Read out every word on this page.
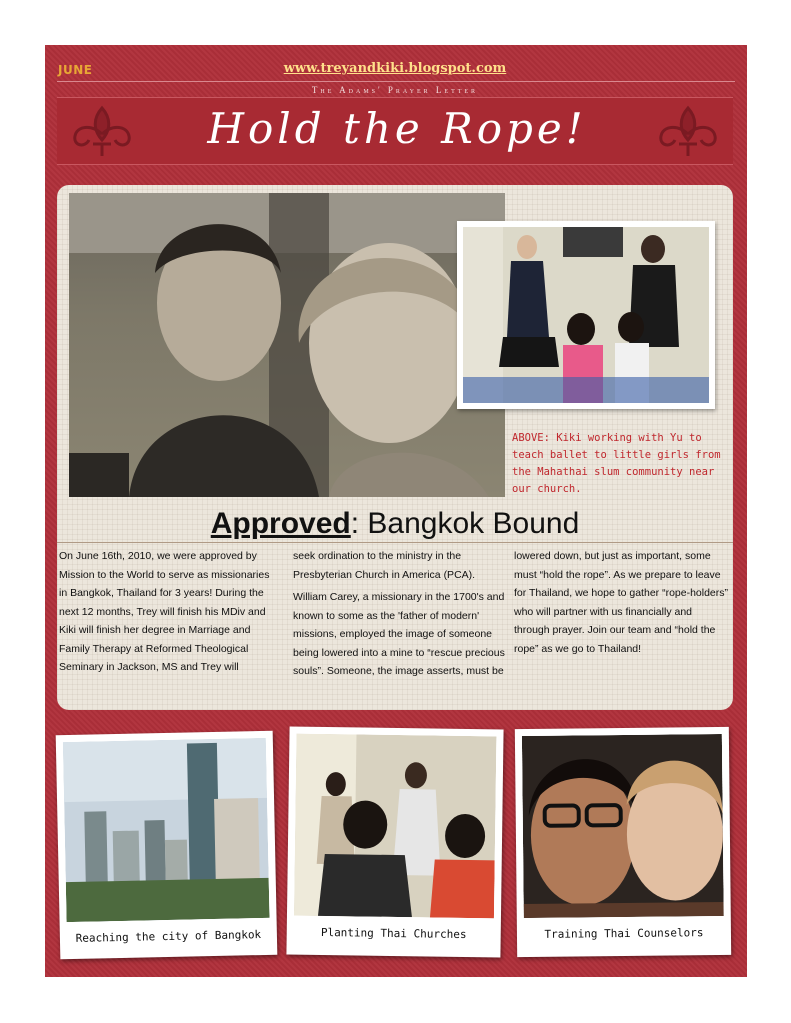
JUNE	www.treyandkiki.blogspot.com
The Adams' Prayer Letter
Hold the Rope!
ABOVE: Kiki working with Yu to teach ballet to little girls from the Mahathai slum community near our church.
Approved: Bangkok Bound

On June 16th, 2010, we were approved by Mission to the World to serve as missionaries in Bangkok, Thailand for 3 years! During the next 12 months, Trey will finish his MDiv and Kiki will finish her degree in Marriage and Family Therapy at Reformed Theological Seminary in Jackson, MS and Trey will

seek ordination to the ministry in the Presbyterian Church in America (PCA).

William Carey, a missionary in the 1700's and known to some as the 'father of modern' missions, employed the image of someone being lowered into a mine to “rescue precious souls”. Someone, the image asserts, must be

lowered down, but just as important, some must “hold the rope”. As we prepare to leave for Thailand, we hope to gather “rope-holders” who will partner with us financially and through prayer. Join our team and “hold the rope” as we go to Thailand!

Reaching the city of Bangkok	Planting Thai Churches	Training Thai Counselors
